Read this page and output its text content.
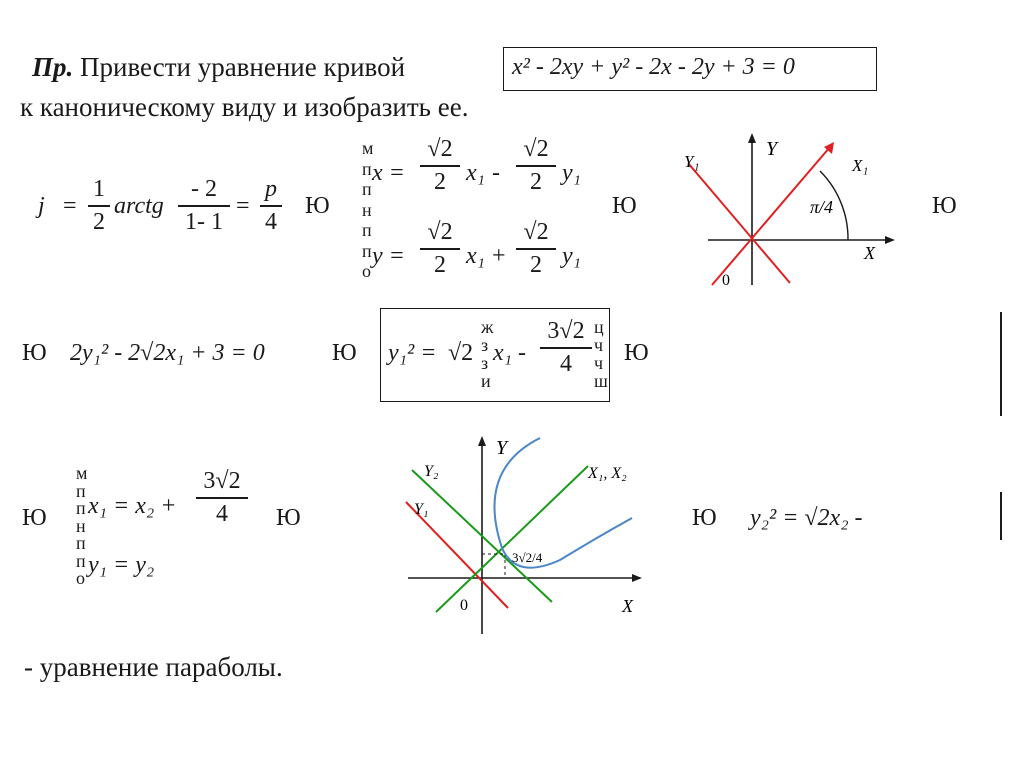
Пр. Привести уравнение кривой	x² - 2xy + y² - 2x - 2y + 3 = 0
к каноническому виду и изобразить ее.
j =
1
2
arctg
- 2
1- 1
=
p
4
Ю
м
п
п
н
п
п
о
x =
√2
2 x₁ -
√2
2 y₁
y =
√2
2 x₁ +
√2
2 y₁
Ю
Y
Y₁	X₁
X
0
π/4	Ю
Ю 2y₁² - 2√2x₁ + 3 = 0	Ю y₁² = √2
ж
з
з
и
x₁ -
3√2
4
ц
ч
ч
ш
Ю
Ю
м
п
п
н
п
п
о
x₁ = x₂ +
3√2
4
y₁ = y₂
Ю
Y
Y₂
Y₁
X₁, X₂
X
0
3√2/4
Ю y₂² = √2x₂ -
- уравнение параболы.
